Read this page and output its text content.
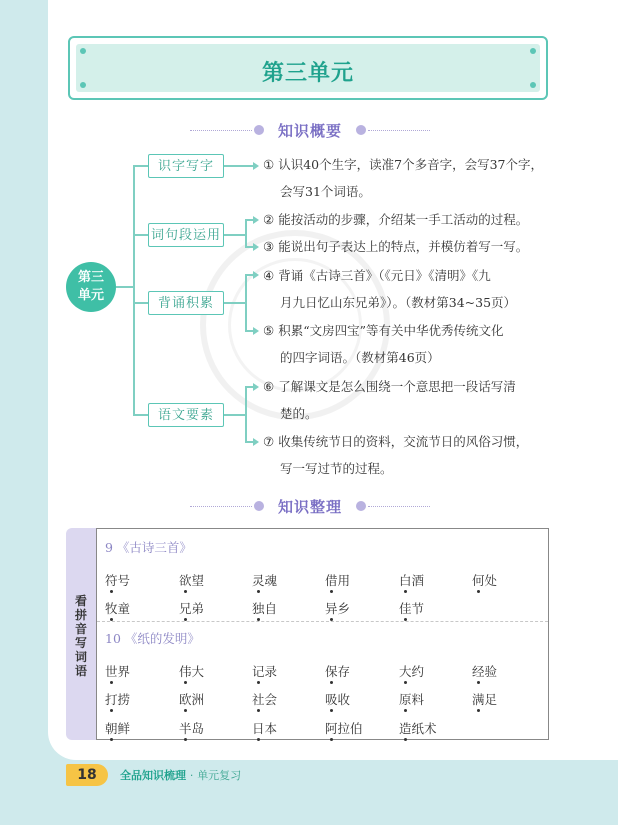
第三单元
知识概要
第三
单元
识字写字
词句段运用
背诵积累
语文要素
① 认识40个生字，读准7个多音字，会写37个字，
会写31个词语。
② 能按活动的步骤，介绍某一手工活动的过程。
③ 能说出句子表达上的特点，并模仿着写一写。
④ 背诵《古诗三首》（《元日》《清明》《九
月九日忆山东兄弟》）。（教材第34~35页）
⑤ 积累“文房四宝”等有关中华优秀传统文化
的四字词语。（教材第46页）
⑥ 了解课文是怎么围绕一个意思把一段话写清
楚的。
⑦ 收集传统节日的资料，交流节日的风俗习惯，
写一写过节的过程。
知识整理
看
拼
音
写
词
语
9 《古诗三首》
10 《纸的发明》
符号	欲望	灵魂	借用	白酒	何处
牧童	兄弟	独自	异乡	佳节
世界	伟大	记录	保存	大约	经验
打捞	欧洲	社会	吸收	原料	满足
朝鲜	半岛	日本	阿拉伯	造纸术
18	全品知识梳理 · 单元复习
